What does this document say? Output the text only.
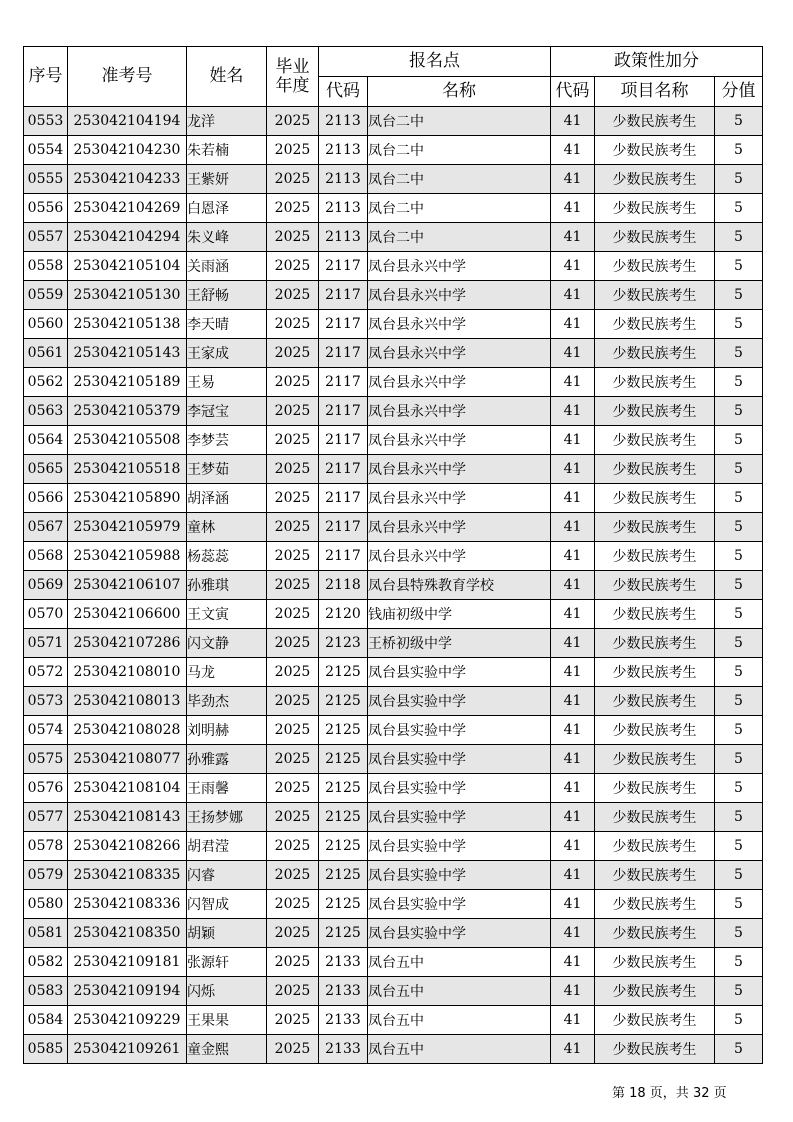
序号	准考号	姓名	毕业
年度	报名点		政策性加分		
				代码	名称	代码	项目名称	分值
0553	253042104194	龙洋	2025	2113	凤台二中	41	少数民族考生	5
0554	253042104230	朱若楠	2025	2113	凤台二中	41	少数民族考生	5
0555	253042104233	王紫妍	2025	2113	凤台二中	41	少数民族考生	5
0556	253042104269	白恩泽	2025	2113	凤台二中	41	少数民族考生	5
0557	253042104294	朱义峰	2025	2113	凤台二中	41	少数民族考生	5
0558	253042105104	关雨涵	2025	2117	凤台县永兴中学	41	少数民族考生	5
0559	253042105130	王舒畅	2025	2117	凤台县永兴中学	41	少数民族考生	5
0560	253042105138	李天晴	2025	2117	凤台县永兴中学	41	少数民族考生	5
0561	253042105143	王家成	2025	2117	凤台县永兴中学	41	少数民族考生	5
0562	253042105189	王易	2025	2117	凤台县永兴中学	41	少数民族考生	5
0563	253042105379	李冠宝	2025	2117	凤台县永兴中学	41	少数民族考生	5
0564	253042105508	李梦芸	2025	2117	凤台县永兴中学	41	少数民族考生	5
0565	253042105518	王梦茹	2025	2117	凤台县永兴中学	41	少数民族考生	5
0566	253042105890	胡泽涵	2025	2117	凤台县永兴中学	41	少数民族考生	5
0567	253042105979	童林	2025	2117	凤台县永兴中学	41	少数民族考生	5
0568	253042105988	杨蕊蕊	2025	2117	凤台县永兴中学	41	少数民族考生	5
0569	253042106107	孙雅琪	2025	2118	凤台县特殊教育学校	41	少数民族考生	5
0570	253042106600	王文寅	2025	2120	钱庙初级中学	41	少数民族考生	5
0571	253042107286	闪文静	2025	2123	王桥初级中学	41	少数民族考生	5
0572	253042108010	马龙	2025	2125	凤台县实验中学	41	少数民族考生	5
0573	253042108013	毕劲杰	2025	2125	凤台县实验中学	41	少数民族考生	5
0574	253042108028	刘明赫	2025	2125	凤台县实验中学	41	少数民族考生	5
0575	253042108077	孙雅露	2025	2125	凤台县实验中学	41	少数民族考生	5
0576	253042108104	王雨馨	2025	2125	凤台县实验中学	41	少数民族考生	5
0577	253042108143	王扬梦娜	2025	2125	凤台县实验中学	41	少数民族考生	5
0578	253042108266	胡君滢	2025	2125	凤台县实验中学	41	少数民族考生	5
0579	253042108335	闪睿	2025	2125	凤台县实验中学	41	少数民族考生	5
0580	253042108336	闪智成	2025	2125	凤台县实验中学	41	少数民族考生	5
0581	253042108350	胡颖	2025	2125	凤台县实验中学	41	少数民族考生	5
0582	253042109181	张源轩	2025	2133	凤台五中	41	少数民族考生	5
0583	253042109194	闪烁	2025	2133	凤台五中	41	少数民族考生	5
0584	253042109229	王果果	2025	2133	凤台五中	41	少数民族考生	5
0585	253042109261	童金熙	2025	2133	凤台五中	41	少数民族考生	5
第 18 页，共 32 页
